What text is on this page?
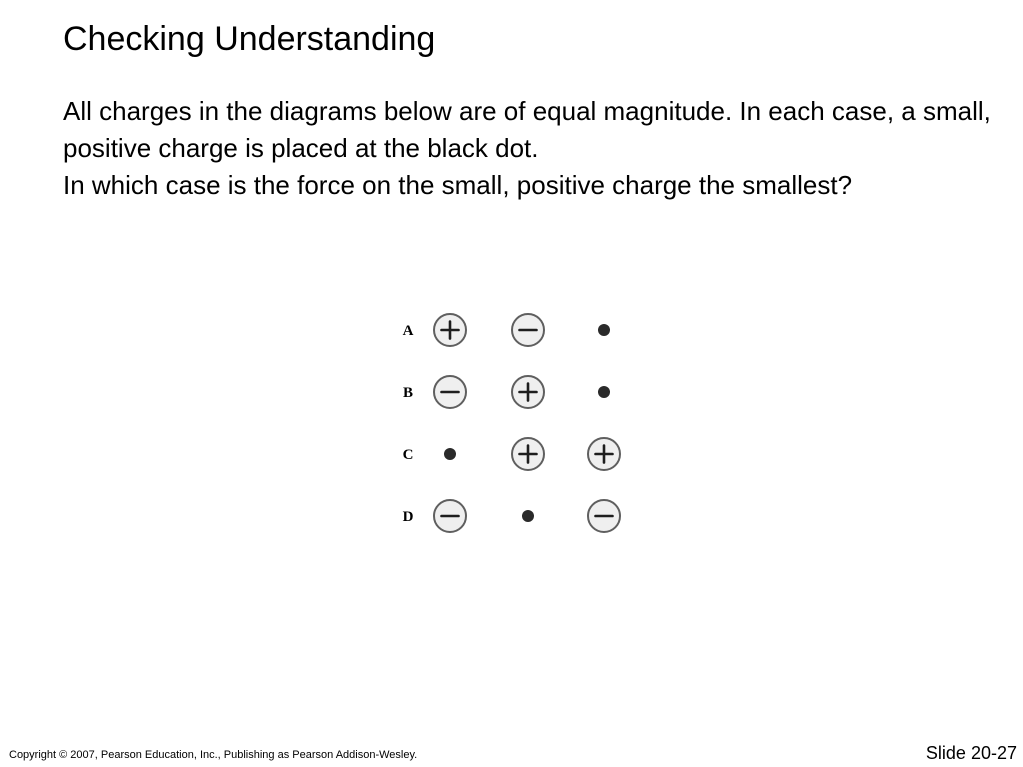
Checking Understanding
All charges in the diagrams below are of equal magnitude. In each case, a small, positive charge is placed at the black dot.
In which case is the force on the small, positive charge the smallest?
A
B
C
D
Copyright © 2007, Pearson Education, Inc., Publishing as Pearson Addison-Wesley.	Slide 20-27
